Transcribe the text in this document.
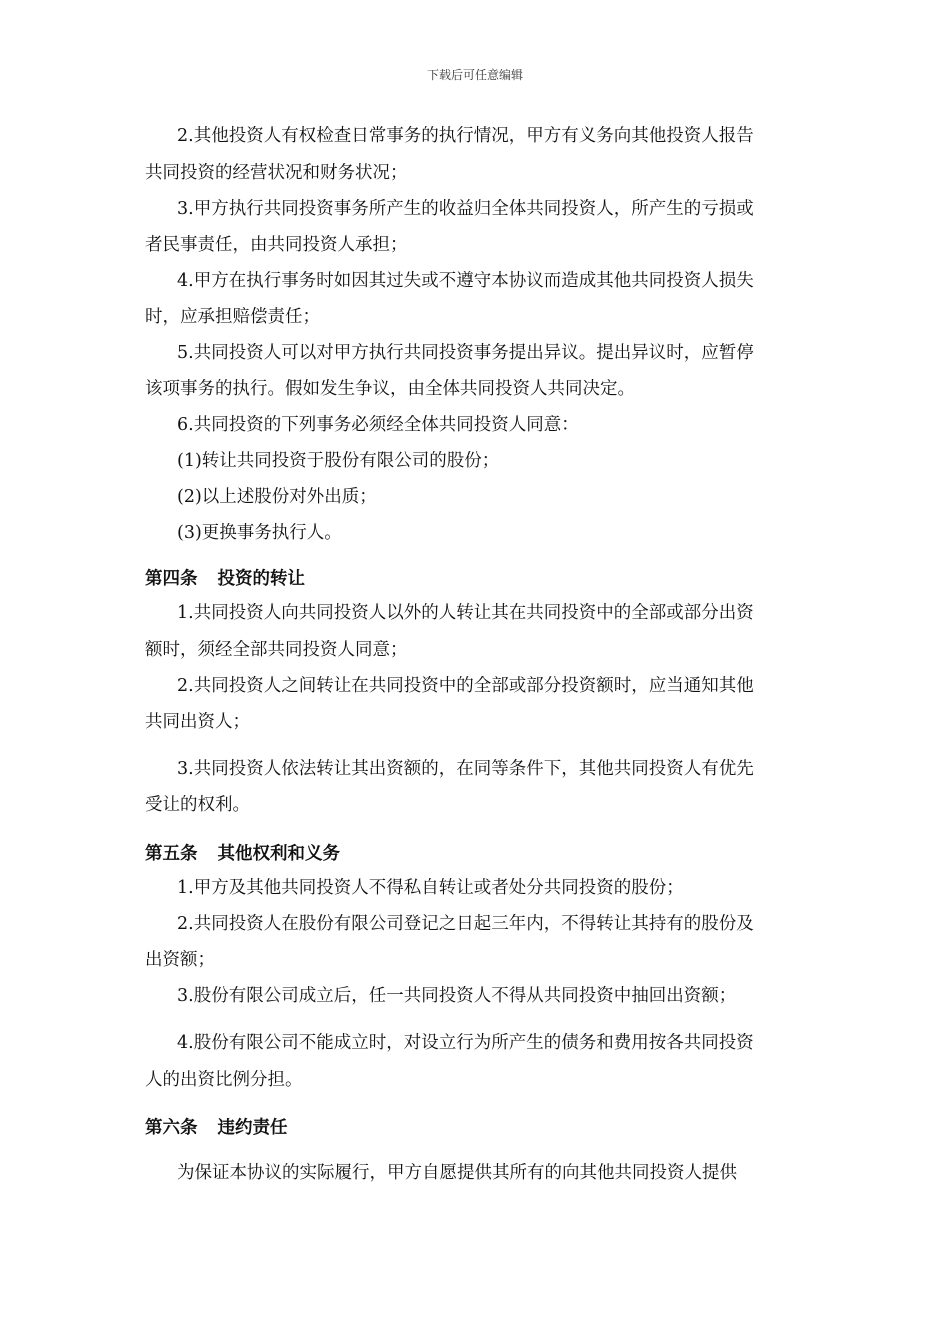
下载后可任意编辑
2.其他投资人有权检查日常事务的执行情况，甲方有义务向其他投资人报告
共同投资的经营状况和财务状况；
3.甲方执行共同投资事务所产生的收益归全体共同投资人，所产生的亏损或
者民事责任，由共同投资人承担；
4.甲方在执行事务时如因其过失或不遵守本协议而造成其他共同投资人损失
时，应承担赔偿责任；
5.共同投资人可以对甲方执行共同投资事务提出异议。提出异议时，应暂停
该项事务的执行。假如发生争议，由全体共同投资人共同决定。
6.共同投资的下列事务必须经全体共同投资人同意：
(1)转让共同投资于股份有限公司的股份；
(2)以上述股份对外出质；
(3)更换事务执行人。
第四条 投资的转让
1.共同投资人向共同投资人以外的人转让其在共同投资中的全部或部分出资
额时，须经全部共同投资人同意；
2.共同投资人之间转让在共同投资中的全部或部分投资额时，应当通知其他
共同出资人；
3.共同投资人依法转让其出资额的，在同等条件下，其他共同投资人有优先
受让的权利。
第五条 其他权利和义务
1.甲方及其他共同投资人不得私自转让或者处分共同投资的股份；
2.共同投资人在股份有限公司登记之日起三年内，不得转让其持有的股份及
出资额；
3.股份有限公司成立后，任一共同投资人不得从共同投资中抽回出资额；
4.股份有限公司不能成立时，对设立行为所产生的债务和费用按各共同投资
人的出资比例分担。
第六条 违约责任
为保证本协议的实际履行，甲方自愿提供其所有的向其他共同投资人提供
